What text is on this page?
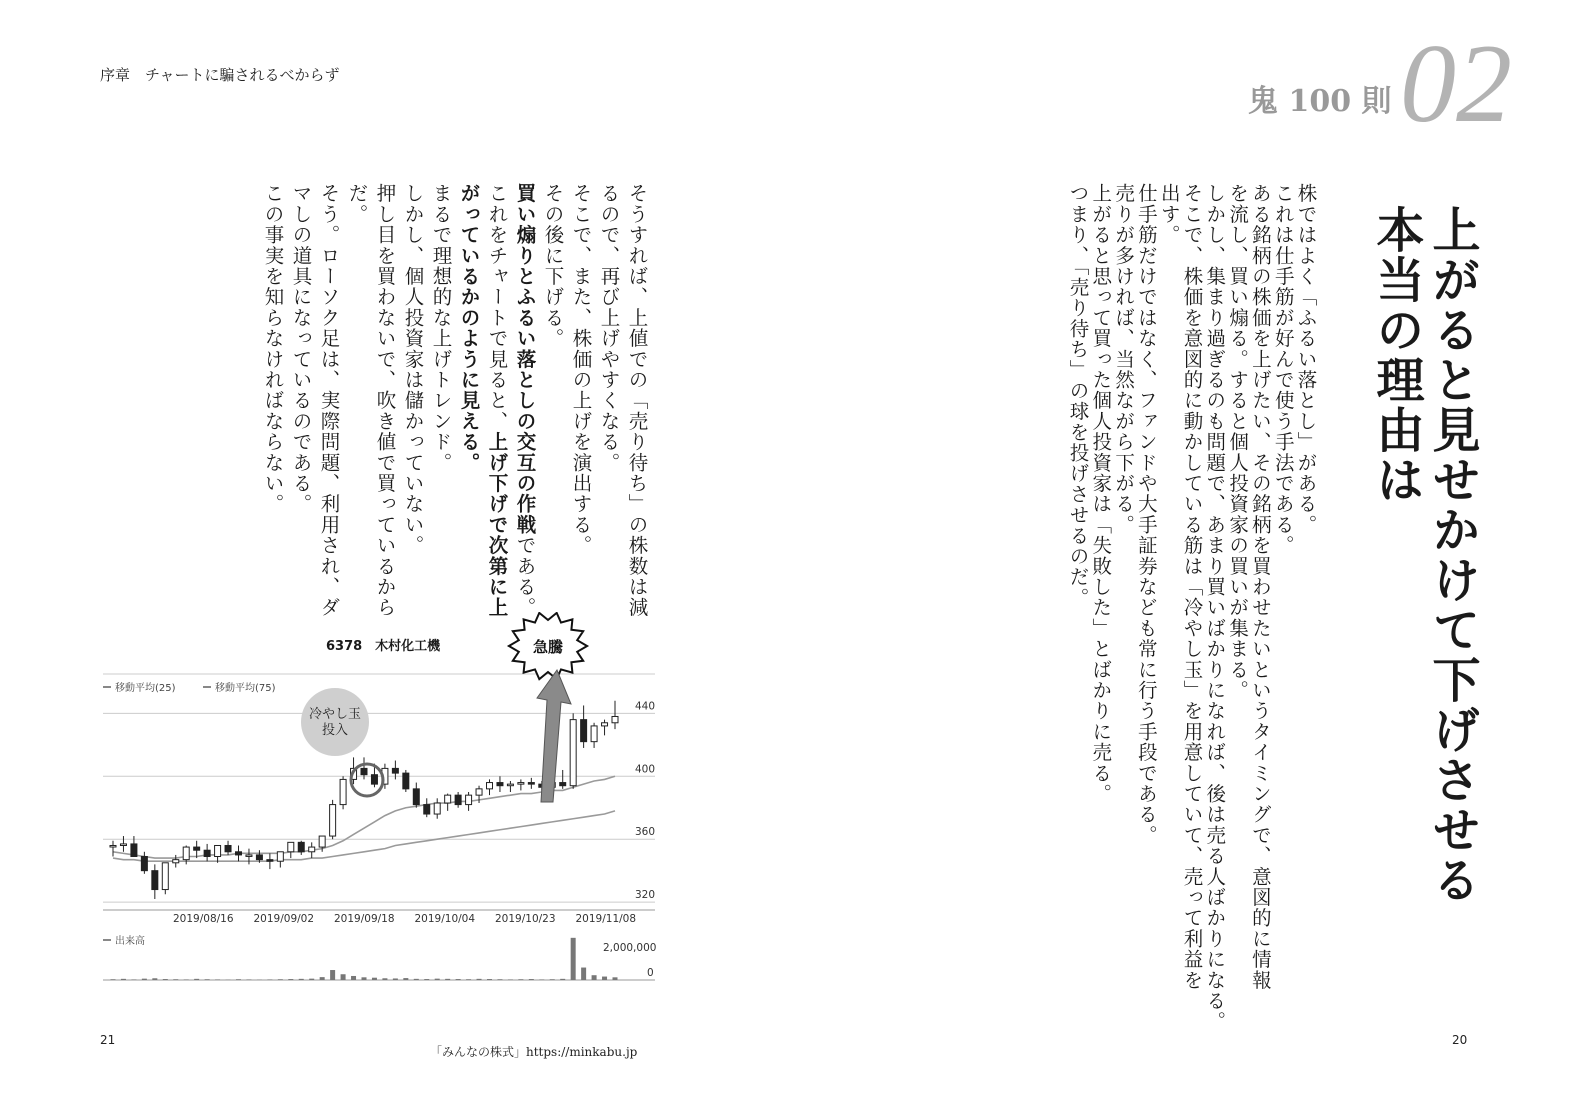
序章　チャートに騙されるべからず
鬼 100 則 02
上がると見せかけて下げさせる
本当の理由は
株ではよく「ふるい落とし」がある。
これは仕手筋が好んで使う手法である。
ある銘柄の株価を上げたい、その銘柄を買わせたいというタイミングで、意図的に情報
を流し、買い煽る。すると個人投資家の買いが集まる。
しかし、集まり過ぎるのも問題で、あまり買いばかりになれば、後は売る人ばかりになる。
そこで、株価を意図的に動かしている筋は「冷やし玉」を用意していて、売って利益を
出す。
仕手筋だけではなく、ファンドや大手証券なども常に行う手段である。
売りが多ければ、当然ながら下がる。
上がると思って買った個人投資家は「失敗した」とばかりに売る。
つまり、「売り待ち」の球を投げさせるのだ。
そうすれば、上値での「売り待ち」の株数は減
るので、再び上げやすくなる。
そこで、また、株価の上げを演出する。
その後に下げる。
買い煽りとふるい落としの交互の作戦である。
これをチャートで見ると、上げ下げで次第に上
がっているかのように見える。
まるで理想的な上げトレンド。
しかし、個人投資家は儲かっていない。
押し目を買わないで、吹き値で買っているから
だ。
そう。ローソク足は、実際問題、利用され、ダ
マしの道具になっているのである。
この事実を知らなければならない。
6378　木村化工機
移動平均(25)	移動平均(75)
440
400
360
320
2019/08/16 2019/09/02 2019/09/18 2019/10/04 2019/10/23 2019/11/08
出来高
2,000,000
0
冷やし玉
投入
急騰
21	20
「みんなの株式」https://minkabu.jp
